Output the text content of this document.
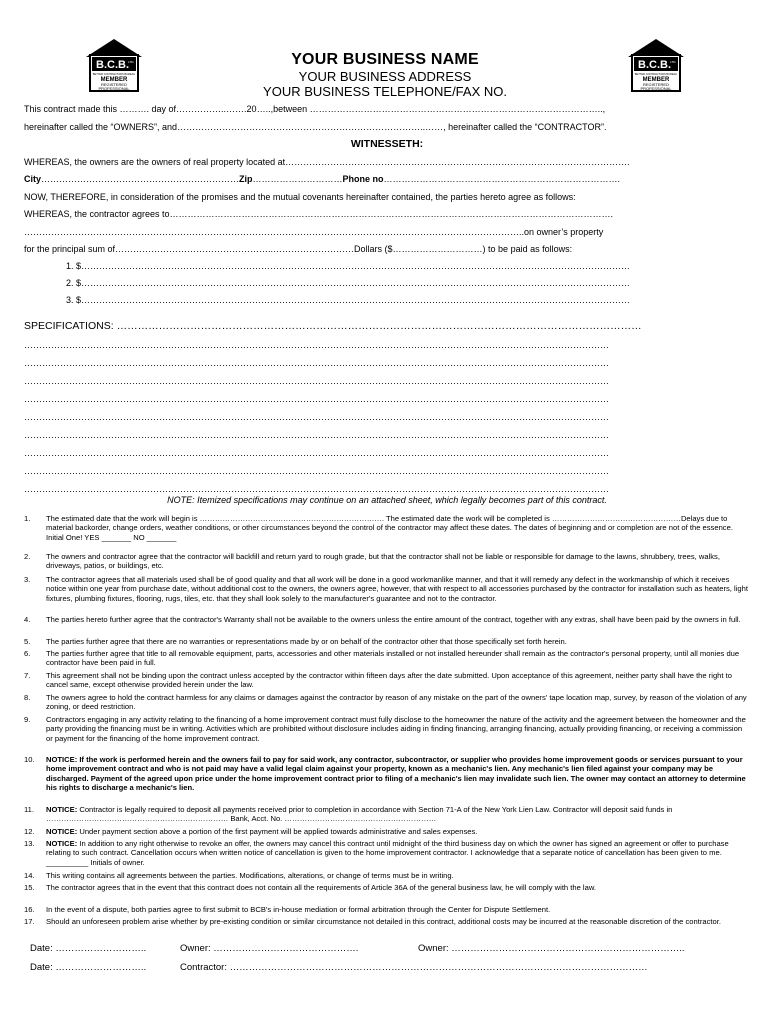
B.C.B. LTD.
BETTER CONTRACTORS BUREAU
MEMBER
REGISTERED
PROFESSIONAL
B.C.B. LTD.
BETTER CONTRACTORS BUREAU
MEMBER
REGISTERED
PROFESSIONAL
YOUR BUSINESS NAME
YOUR BUSINESS ADDRESS
YOUR BUSINESS TELEPHONE/FAX NO.
This contract made this ………. day of……………..…….20…..,between ……………………………………………………………………………………..,
hereinafter called the “OWNERS”, and………………………………………………………………………..……, hereinafter called the “CONTRACTOR”.
WITNESSETH:
WHEREAS, the owners are the owners of real property located at…………………………………………………………………………………………………….
City…………………………………………………………Zip…………………………Phone no…………………………………………………………………….
NOW, THEREFORE, in consideration of the promises and the mutual covenants hereinafter contained, the parties hereto agree as follows:
WHEREAS, the contractor agrees to………………………………………………………………………………………………………………………………….
…………………………………………………………………………………………………………………………………………………..on owner’s property
for the principal sum of……………………………………………..………………………Dollars ($…………………………) to be paid as follows:
1. $…………………………………………………………………………………………………………………………………………………………………
2. $…………………………………………………………………………………………………………………………………………………………………
3. $…………………………………………………………………………………………………………………………………………………………………
SPECIFICATIONS: ……………………………………………………………………………………………………………………………………
……………………………………………………………………………………………………………………………………………………………………………
……………………………………………………………………………………………………………………………………………………………………………
……………………………………………………………………………………………………………………………………………………………………………
……………………………………………………………………………………………………………………………………………………………………………
……………………………………………………………………………………………………………………………………………………………………………
……………………………………………………………………………………………………………………………………………………………………………
……………………………………………………………………………………………………………………………………………………………………………
……………………………………………………………………………………………………………………………………………………………………………
……………………………………………………………………………………………………………………………………………………………………………
NOTE: Itemized specifications may continue on an attached sheet, which legally becomes part of this contract.
1.	The estimated date that the work will begin is ………………………………………………………………. The estimated date the work will be completed is ……………………………………………Delays due to material backorder, change orders, weather conditions, or other circumstances beyond the control of the contractor may affect these dates. The dates of beginning and or completion are not of the essence. Initial One! YES _______ NO _______
2.	The owners and contractor agree that the contractor will backfill and return yard to rough grade, but that the contractor shall not be liable or responsible for damage to the lawns, shrubbery, trees, walks, driveways, patios, or buildings, etc.
3.	The contractor agrees that all materials used shall be of good quality and that all work will be done in a good workmanlike manner, and that it will remedy any defect in the workmanship of which it receives notice within one year from purchase date, without additional cost to the owners, the owners agree, however, that with respect to all accessories purchased by the contractor for installation such as heaters, light fixtures, plumbing fixtures, flooring, rugs, tiles, etc. that they shall look solely to the manufacturer's guarantee and not to the contractor.
4.	The parties hereto further agree that the contractor's Warranty shall not be available to the owners unless the entire amount of the contract, together with any extras, shall have been paid by the owners in full.
5.	The parties further agree that there are no warranties or representations made by or on behalf of the contractor other that those specifically set forth herein.
6.	The parties further agree that title to all removable equipment, parts, accessories and other materials installed or not installed hereunder shall remain as the contractor's personal property, until all monies due contractor have been paid in full.
7.	This agreement shall not be binding upon the contract unless accepted by the contractor within fifteen days after the date submitted. Upon acceptance of this agreement, neither party shall have the right to cancel same, except otherwise provided herein under the law.
8.	The owners agree to hold the contract harmless for any claims or damages against the contractor by reason of any mistake on the part of the owners' tape location map, survey, by reason of the violation of any zoning, or deed restriction.
9.	Contractors engaging in any activity relating to the financing of a home improvement contract must fully disclose to the homeowner the nature of the activity and the agreement between the homeowner and the party providing the financing must be in writing. Activities which are prohibited without disclosure includes aiding in finding financing, arranging financing, actually providing financing, or receiving a commission or payment for the financing of the home improvement contract.
10.	NOTICE: If the work is performed herein and the owners fail to pay for said work, any contractor, subcontractor, or supplier who provides home improvement goods or services pursuant to your home improvement contract and who is not paid may have a valid legal claim against your property, known as a mechanic's lien. Any mechanic's lien filed against your company may be discharged. Payment of the agreed upon price under the home improvement contract prior to filing of a mechanic's lien may invalidate such lien. The owner may contact an attorney to determine his rights to discharge a mechanic's lien.
11.	NOTICE: Contractor is legally required to deposit all payments received prior to completion in accordance with Section 71-A of the New York Lien Law. Contractor will deposit said funds in ……………………………………………………………… Bank, Acct. No. ……………………………………………………
12.	NOTICE: Under payment section above a portion of the first payment will be applied towards administrative and sales expenses.
13.	NOTICE: In addition to any right otherwise to revoke an offer, the owners may cancel this contract until midnight of the third business day on which the owner has signed an agreement or offer to purchase relating to such contract. Cancellation occurs when written notice of cancellation is given to the home improvement contractor. I acknowledge that a separate notice of cancellation has been given to me. __________ Initials of owner.
14.	This writing contains all agreements between the parties. Modifications, alterations, or change of terms must be in writing.
15.	The contractor agrees that in the event that this contract does not contain all the requirements of Article 36A of the general business law, he will comply with the law.
16.	In the event of a dispute, both parties agree to first submit to BCB's in-house mediation or formal arbitration through the Center for Dispute Settlement.
17.	Should an unforeseen problem arise whether by pre-existing condition or similar circumstance not detailed in this contract, additional costs may be incurred at the reasonable discretion of the contractor.
Date: ………………………..	Owner: ……………………………………….	Owner: ………………………………………………………………..
Date: ………………………..	Contractor: ……………………………………………………………………………………………………………………
